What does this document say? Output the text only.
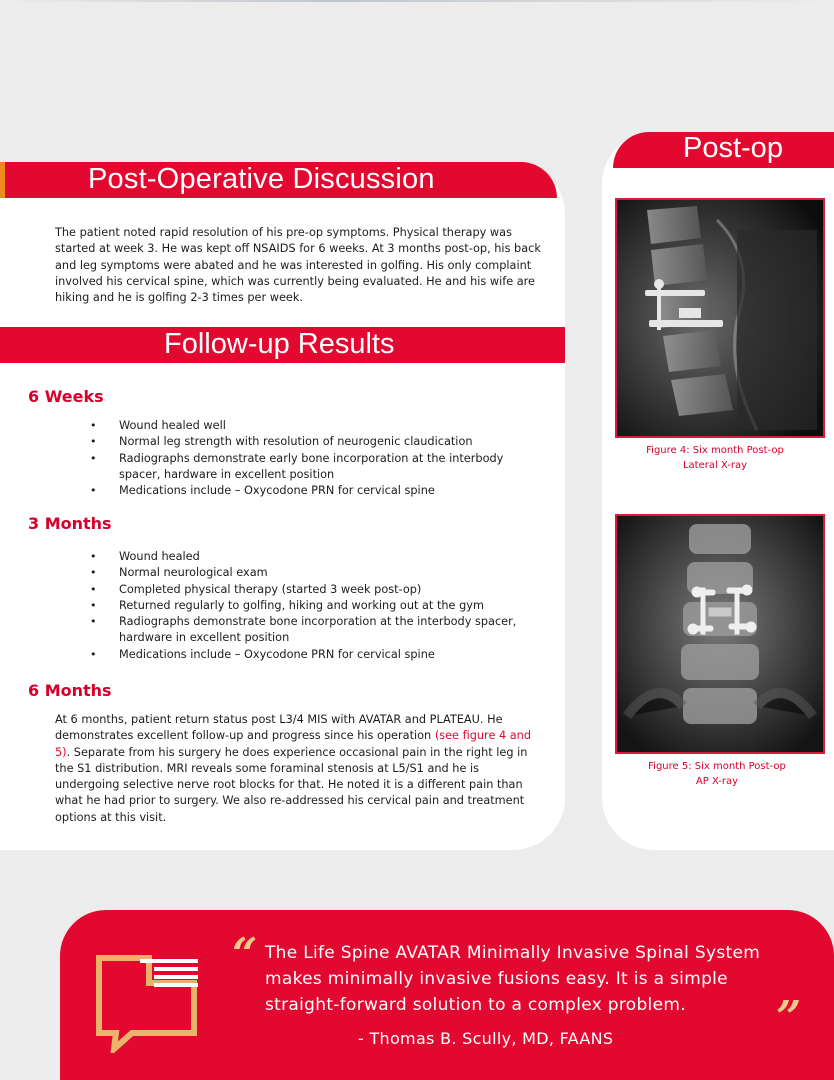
Post-Operative Discussion
The patient noted rapid resolution of his pre-op symptoms. Physical therapy was started at week 3. He was kept off NSAIDS for 6 weeks. At 3 months post-op, his back and leg symptoms were abated and he was interested in golfing. His only complaint involved his cervical spine, which was currently being evaluated. He and his wife are hiking and he is golfing 2-3 times per week.
Follow-up Results
6 Weeks
• Wound healed well
• Normal leg strength with resolution of neurogenic claudication
• Radiographs demonstrate early bone incorporation at the interbody spacer, hardware in excellent position
• Medications include – Oxycodone PRN for cervical spine
3 Months
• Wound healed
• Normal neurological exam
• Completed physical therapy (started 3 week post-op)
• Returned regularly to golfing, hiking and working out at the gym
• Radiographs demonstrate bone incorporation at the interbody spacer, hardware in excellent position
• Medications include – Oxycodone PRN for cervical spine
6 Months
At 6 months, patient return status post L3/4 MIS with AVATAR and PLATEAU. He demonstrates excellent follow-up and progress since his operation (see figure 4 and 5). Separate from his surgery he does experience occasional pain in the right leg in the S1 distribution. MRI reveals some foraminal stenosis at L5/S1 and he is undergoing selective nerve root blocks for that. He noted it is a different pain than what he had prior to surgery. We also re-addressed his cervical pain and treatment options at this visit.
Post-op
Figure 4: Six month Post-op
Lateral X-ray
Figure 5: Six month Post-op
AP X-ray
“ The Life Spine AVATAR Minimally Invasive Spinal System makes minimally invasive fusions easy. It is a simple straight-forward solution to a complex problem.	”
- Thomas B. Scully, MD, FAANS
